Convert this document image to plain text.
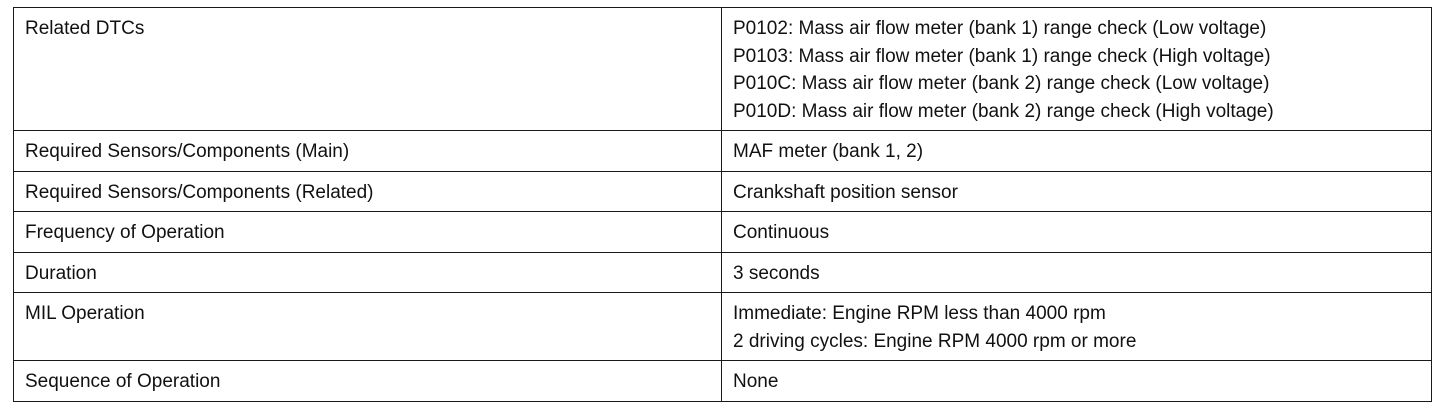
Related DTCs	P0102: Mass air flow meter (bank 1) range check (Low voltage)
P0103: Mass air flow meter (bank 1) range check (High voltage)
P010C: Mass air flow meter (bank 2) range check (Low voltage)
P010D: Mass air flow meter (bank 2) range check (High voltage)

Required Sensors/Components (Main)	MAF meter (bank 1, 2)

Required Sensors/Components (Related)	Crankshaft position sensor

Frequency of Operation	Continuous

Duration	3 seconds

MIL Operation	Immediate: Engine RPM less than 4000 rpm
2 driving cycles: Engine RPM 4000 rpm or more

Sequence of Operation	None
